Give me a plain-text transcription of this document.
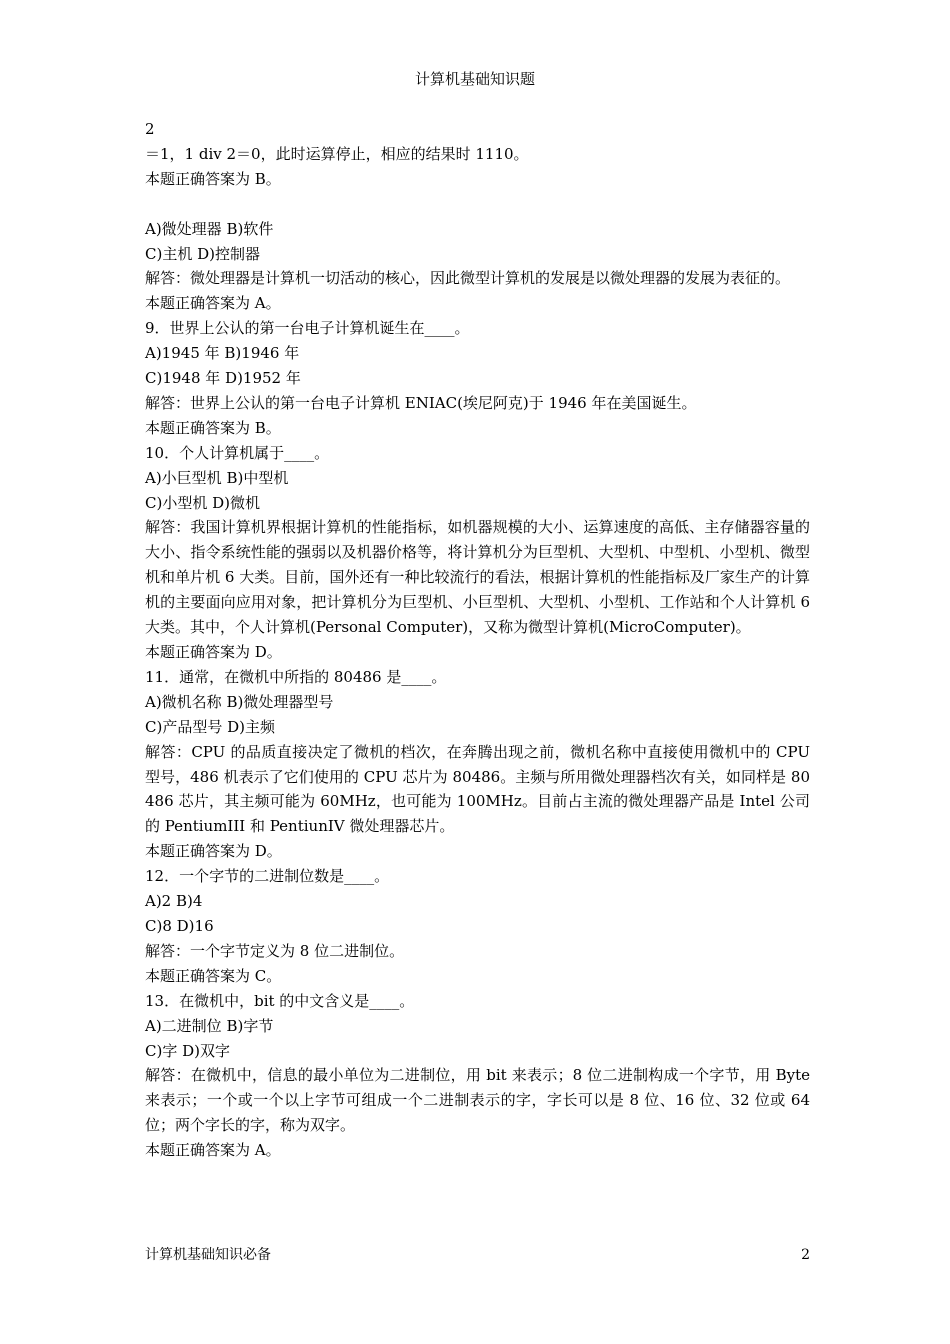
计算机基础知识题
2
＝1，1 div 2＝0，此时运算停止，相应的结果时 1110。
本题正确答案为 B。
A)微处理器 B)软件
C)主机 D)控制器
解答：微处理器是计算机一切活动的核心，因此微型计算机的发展是以微处理器的发展为表征的。
本题正确答案为 A。
9．世界上公认的第一台电子计算机诞生在____。
A)1945 年 B)1946 年
C)1948 年 D)1952 年
解答：世界上公认的第一台电子计算机 ENIAC(埃尼阿克)于 1946 年在美国诞生。
本题正确答案为 B。
10．个人计算机属于____。
A)小巨型机 B)中型机
C)小型机 D)微机
解答：我国计算机界根据计算机的性能指标，如机器规模的大小、运算速度的高低、主存储器容量的大小、指令系统性能的强弱以及机器价格等，将计算机分为巨型机、大型机、中型机、小型机、微型机和单片机 6 大类。目前，国外还有一种比较流行的看法，根据计算机的性能指标及厂家生产的计算机的主要面向应用对象，把计算机分为巨型机、小巨型机、大型机、小型机、工作站和个人计算机 6 大类。其中，个人计算机(Personal Computer)，又称为微型计算机(MicroComputer)。
本题正确答案为 D。
11．通常，在微机中所指的 80486 是____。
A)微机名称 B)微处理器型号
C)产品型号 D)主频
解答：CPU 的品质直接决定了微机的档次，在奔腾出现之前，微机名称中直接使用微机中的 CPU 型号，486 机表示了它们使用的 CPU 芯片为 80486。主频与所用微处理器档次有关，如同样是 80486 芯片，其主频可能为 60MHz，也可能为 100MHz。目前占主流的微处理器产品是 Intel 公司的 PentiumIII 和 PentiunIV 微处理器芯片。
本题正确答案为 D。
12．一个字节的二进制位数是____。
A)2 B)4
C)8 D)16
解答：一个字节定义为 8 位二进制位。
本题正确答案为 C。
13．在微机中，bit 的中文含义是____。
A)二进制位 B)字节
C)字 D)双字
解答：在微机中，信息的最小单位为二进制位，用 bit 来表示；8 位二进制构成一个字节，用 Byte 来表示；一个或一个以上字节可组成一个二进制表示的字，字长可以是 8 位、16 位、32 位或 64 位；两个字长的字，称为双字。
本题正确答案为 A。
计算机基础知识必备	2
